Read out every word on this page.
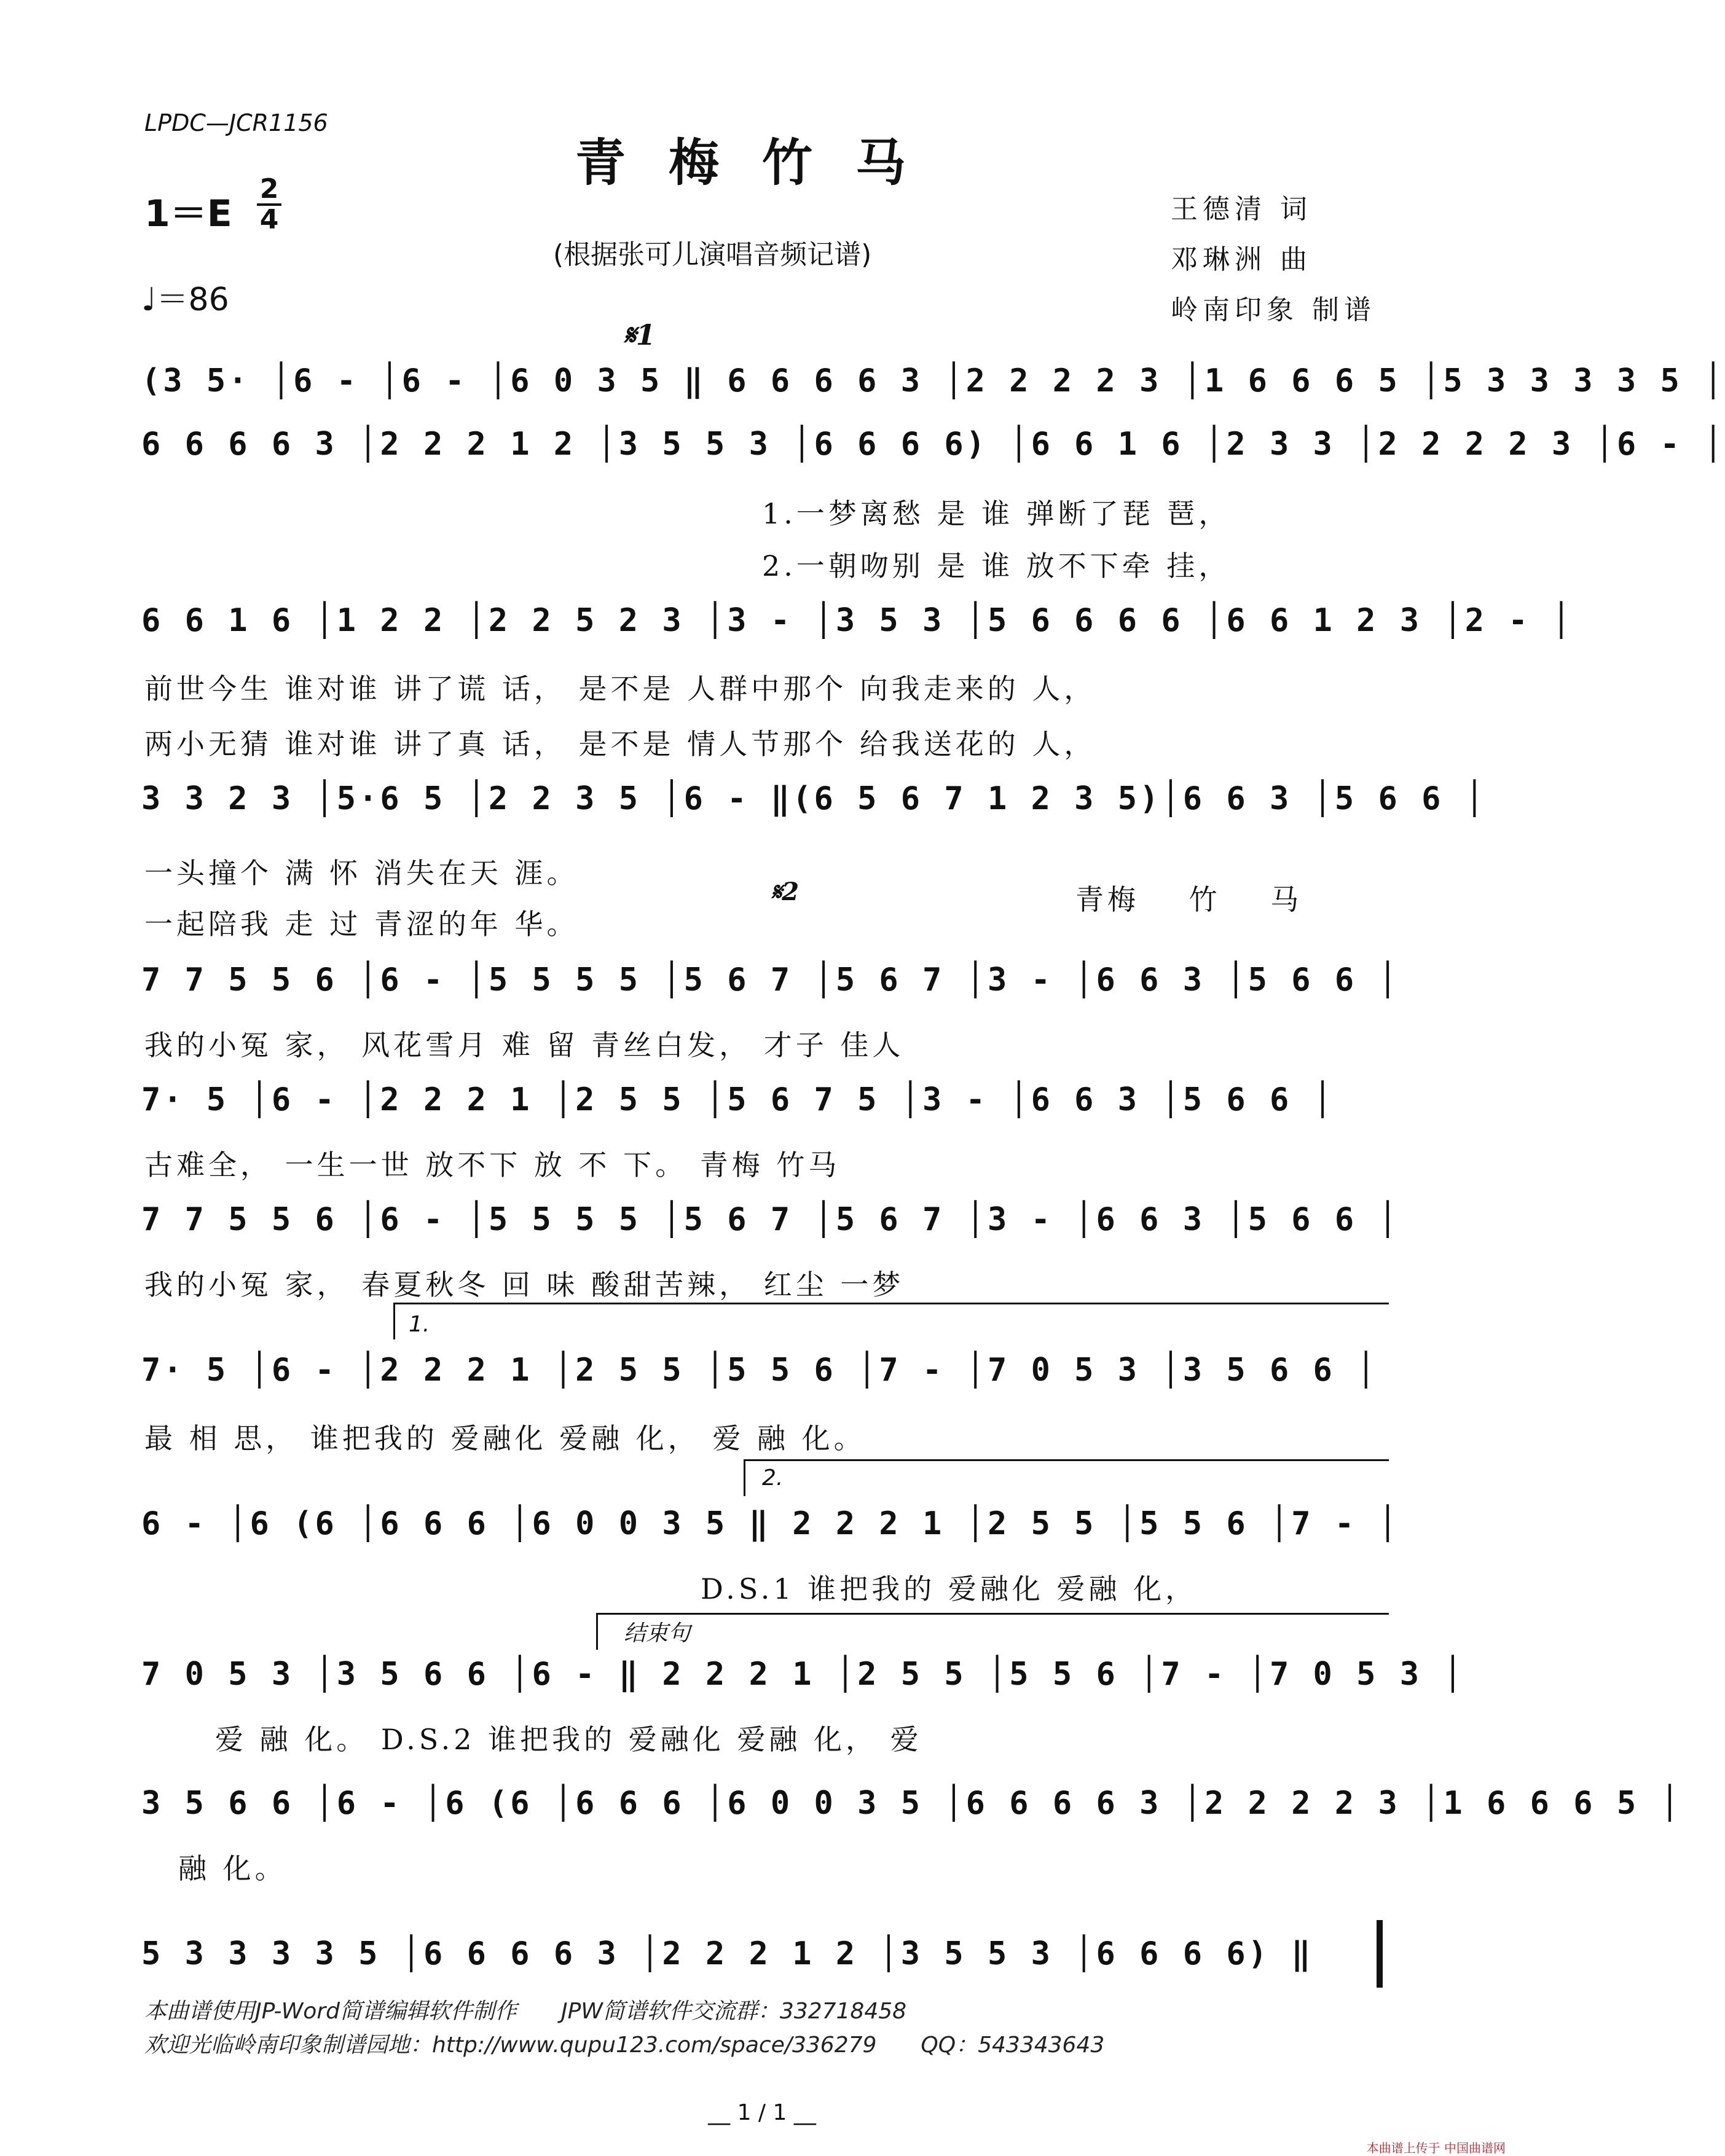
LPDC—JCR1156
青梅竹马
1＝E
2
4
♩＝86
(根据张可儿演唱音频记谱)
王德清 词
邓琳洲 曲
岭南印象 制谱
𝄋1
(3 5· │6 - │6 - │6 0 3 5 ‖ 6 6 6 6 3 │2 2 2 2 3 │1 6 6 6 5 │5 3 3 3 3 5 │
6 6 6 6 3 │2 2 2 1 2 │3 5 5 3 │6 6 6 6) │6 6 1 6 │2 3 3 │2 2 2 2 3 │6 - │
1.一梦离愁 是 谁 弹断了琵 琶，
2.一朝吻别 是 谁 放不下牵 挂，
6 6 1 6 │1 2 2 │2 2 5 2 3 │3 - │3 5 3 │5 6 6 6 6 │6 6 1 2 3 │2 - │
前世今生 谁对谁 讲了谎 话， 是不是 人群中那个 向我走来的 人，
两小无猜 谁对谁 讲了真 话， 是不是 情人节那个 给我送花的 人，
3 3 2 3 │5·6 5 │2 2 3 5 │6 - ‖(6 5 6 7 1 2 3 5)│6 6 3 │5 6 6 │
一头撞个 满 怀 消失在天 涯。
一起陪我 走 过 青涩的年 华。
𝄋2	青梅 竹 马
7 7 5 5 6 │6 - │5 5 5 5 │5 6 7 │5 6 7 │3 - │6 6 3 │5 6 6 │
我的小冤 家， 风花雪月 难 留 青丝白发， 才子 佳人
7· 5 │6 - │2 2 2 1 │2 5 5 │5 6 7 5 │3 - │6 6 3 │5 6 6 │
古难全， 一生一世 放不下 放 不 下。 青梅 竹马
7 7 5 5 6 │6 - │5 5 5 5 │5 6 7 │5 6 7 │3 - │6 6 3 │5 6 6 │
我的小冤 家， 春夏秋冬 回 味 酸甜苦辣， 红尘 一梦
1.
7· 5 │6 - │2 2 2 1 │2 5 5 │5 5 6 │7 - │7 0 5 3 │3 5 6 6 │
最 相 思， 谁把我的 爱融化 爱融 化， 爱 融 化。
2.
6 - │6 (6 │6 6 6 │6 0 0 3 5 ‖ 2 2 2 1 │2 5 5 │5 5 6 │7 - │
D.S.1 谁把我的 爱融化 爱融 化，
结束句
7 0 5 3 │3 5 6 6 │6 - ‖ 2 2 2 1 │2 5 5 │5 5 6 │7 - │7 0 5 3 │
爱 融 化。 D.S.2 谁把我的 爱融化 爱融 化， 爱
3 5 6 6 │6 - │6 (6 │6 6 6 │6 0 0 3 5 │6 6 6 6 3 │2 2 2 2 3 │1 6 6 6 5 │
融 化。
5 3 3 3 3 5 │6 6 6 6 3 │2 2 2 1 2 │3 5 5 3 │6 6 6 6) ‖
本曲谱使用JP-Word简谱编辑软件制作　　JPW简谱软件交流群：332718458
欢迎光临岭南印象制谱园地：http://www.qupu123.com/space/336279　　QQ：543343643
__ 1 / 1 __
本曲谱上传于 中国曲谱网
